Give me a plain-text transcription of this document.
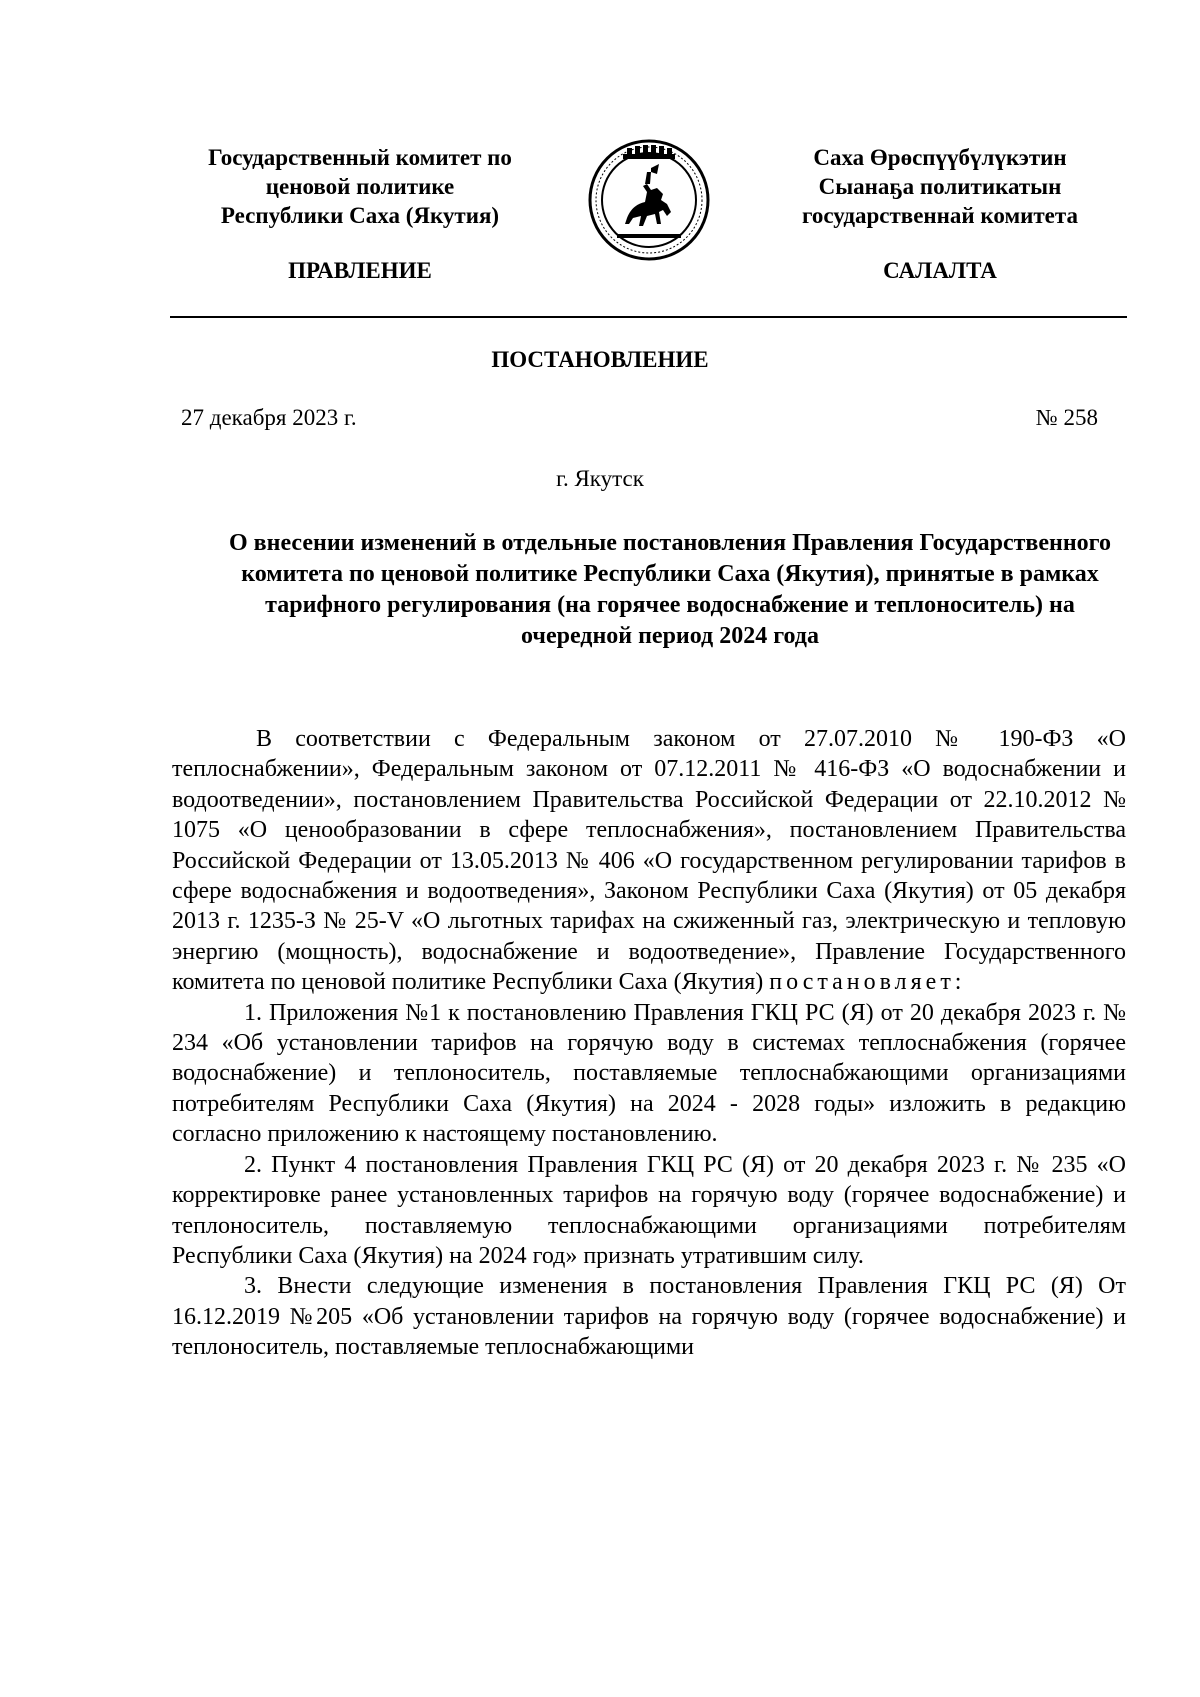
Государственный комитет по
ценовой политике
Республики Саха (Якутия)
Саха Өрөспүүбүлүкэтин
Сыанаҕа политикатын
государственнай комитета
ПРАВЛЕНИЕ	САЛАЛТА
ПОСТАНОВЛЕНИЕ
27 декабря 2023 г.	№ 258
г. Якутск
О внесении изменений в отдельные постановления Правления Государственного комитета по ценовой политике Республики Саха (Якутия), принятые в рамках тарифного регулирования (на горячее водоснабжение и теплоноситель) на очередной период 2024 года

В соответствии с Федеральным законом от 27.07.2010 № 190-ФЗ «О теплоснабжении», Федеральным законом от 07.12.2011 № 416-ФЗ «О водоснабжении и водоотведении», постановлением Правительства Российской Федерации от 22.10.2012 № 1075 «О ценообразовании в сфере теплоснабжения», постановлением Правительства Российской Федерации от 13.05.2013 № 406 «О государственном регулировании тарифов в сфере водоснабжения и водоотведения», Законом Республики Саха (Якутия) от 05 декабря 2013 г. 1235-З № 25-V «О льготных тарифах на сжиженный газ, электрическую и тепловую энергию (мощность), водоснабжение и водоотведение», Правление Государственного комитета по ценовой политике Республики Саха (Якутия) постановляет:

1. Приложения №1 к постановлению Правления ГКЦ РС (Я) от 20 декабря 2023 г. № 234 «Об установлении тарифов на горячую воду в системах теплоснабжения (горячее водоснабжение) и теплоноситель, поставляемые теплоснабжающими организациями потребителям Республики Саха (Якутия) на 2024 - 2028 годы» изложить в редакцию согласно приложению к настоящему постановлению.

2. Пункт 4 постановления Правления ГКЦ РС (Я) от 20 декабря 2023 г. № 235 «О корректировке ранее установленных тарифов на горячую воду (горячее водоснабжение) и теплоноситель, поставляемую теплоснабжающими организациями потребителям Республики Саха (Якутия) на 2024 год» признать утратившим силу.

3. Внести следующие изменения в постановления Правления ГКЦ РС (Я) От 16.12.2019 №205 «Об установлении тарифов на горячую воду (горячее водоснабжение) и теплоноситель, поставляемые теплоснабжающими
